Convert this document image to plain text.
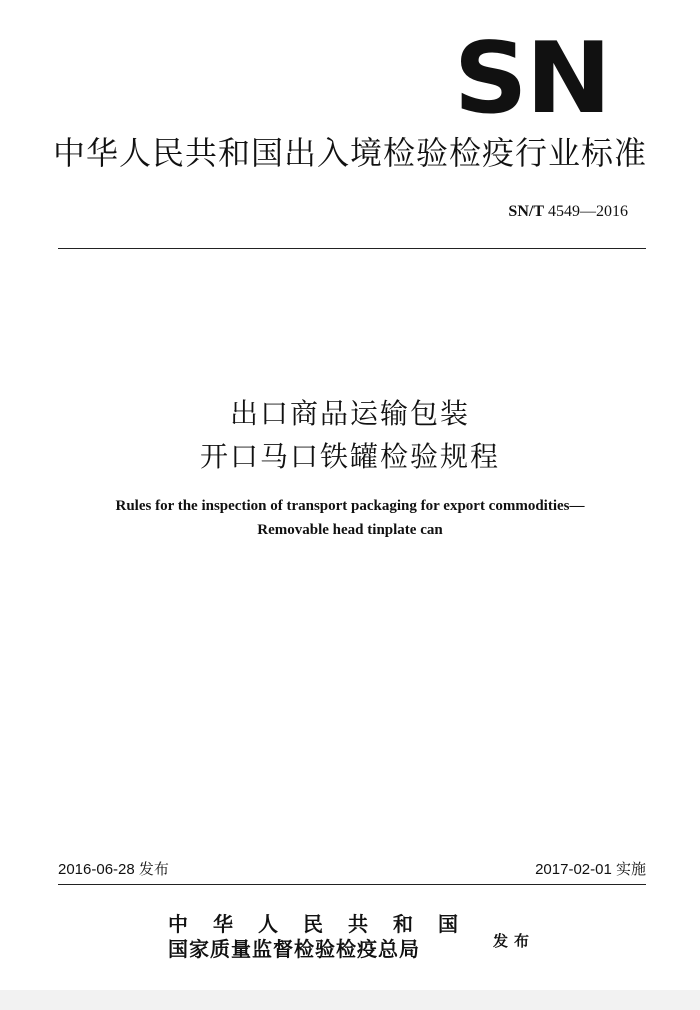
SN
中华人民共和国出入境检验检疫行业标准
SN/T 4549—2016
出口商品运输包装
开口马口铁罐检验规程
Rules for the inspection of transport packaging for export commodities—
Removable head tinplate can
2016-06-28 发布	2017-02-01 实施
中华人民共和国
国家质量监督检验检疫总局	发布
